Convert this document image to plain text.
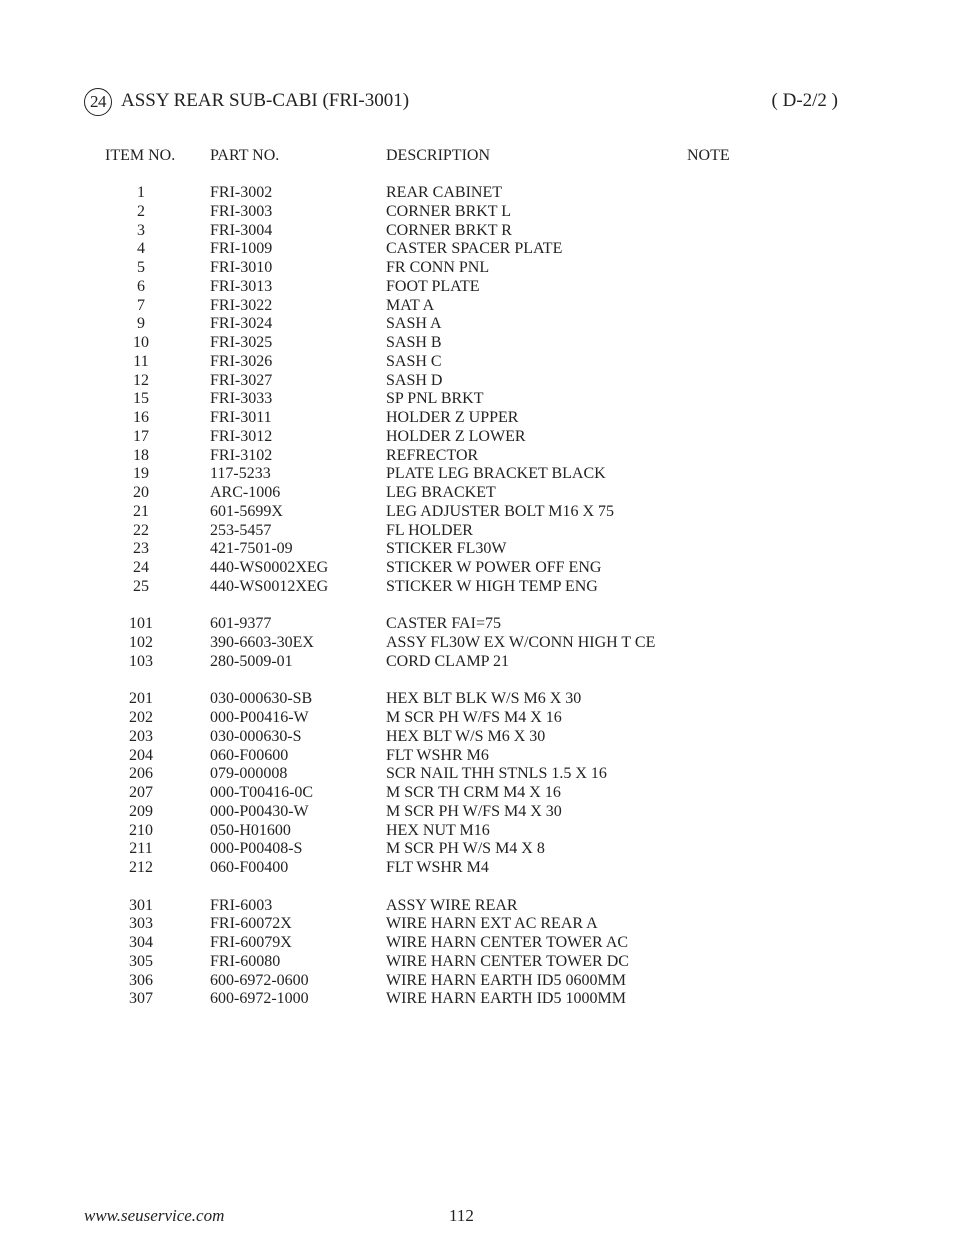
24 ASSY REAR SUB-CABI (FRI-3001)	( D-2/2 )
ITEM NO. PART NO.	DESCRIPTION	NOTE
1	FRI-3002	REAR CABINET
2	FRI-3003	CORNER BRKT L
3	FRI-3004	CORNER BRKT R
4	FRI-1009	CASTER SPACER PLATE
5	FRI-3010	FR CONN PNL
6	FRI-3013	FOOT PLATE
7	FRI-3022	MAT A
9	FRI-3024	SASH A
10	FRI-3025	SASH B
11	FRI-3026	SASH C
12	FRI-3027	SASH D
15	FRI-3033	SP PNL BRKT
16	FRI-3011	HOLDER Z UPPER
17	FRI-3012	HOLDER Z LOWER
18	FRI-3102	REFRECTOR
19	117-5233	PLATE LEG BRACKET BLACK
20	ARC-1006	LEG BRACKET
21	601-5699X	LEG ADJUSTER BOLT M16 X 75
22	253-5457	FL HOLDER
23	421-7501-09	STICKER FL30W
24	440-WS0002XEG	STICKER W POWER OFF ENG
25	440-WS0012XEG	STICKER W HIGH TEMP ENG
101	601-9377	CASTER FAI=75
102	390-6603-30EX	ASSY FL30W EX W/CONN HIGH T CE
103	280-5009-01	CORD CLAMP 21
201	030-000630-SB	HEX BLT BLK W/S M6 X 30
202	000-P00416-W	M SCR PH W/FS M4 X 16
203	030-000630-S	HEX BLT W/S M6 X 30
204	060-F00600	FLT WSHR M6
206	079-000008	SCR NAIL THH STNLS 1.5 X 16
207	000-T00416-0C	M SCR TH CRM M4 X 16
209	000-P00430-W	M SCR PH W/FS M4 X 30
210	050-H01600	HEX NUT M16
211	000-P00408-S	M SCR PH W/S M4 X 8
212	060-F00400	FLT WSHR M4
301	FRI-6003	ASSY WIRE REAR
303	FRI-60072X	WIRE HARN EXT AC REAR A
304	FRI-60079X	WIRE HARN CENTER TOWER AC
305	FRI-60080	WIRE HARN CENTER TOWER DC
306	600-6972-0600	WIRE HARN EARTH ID5 0600MM
307	600-6972-1000	WIRE HARN EARTH ID5 1000MM
www.seuservice.com	112
